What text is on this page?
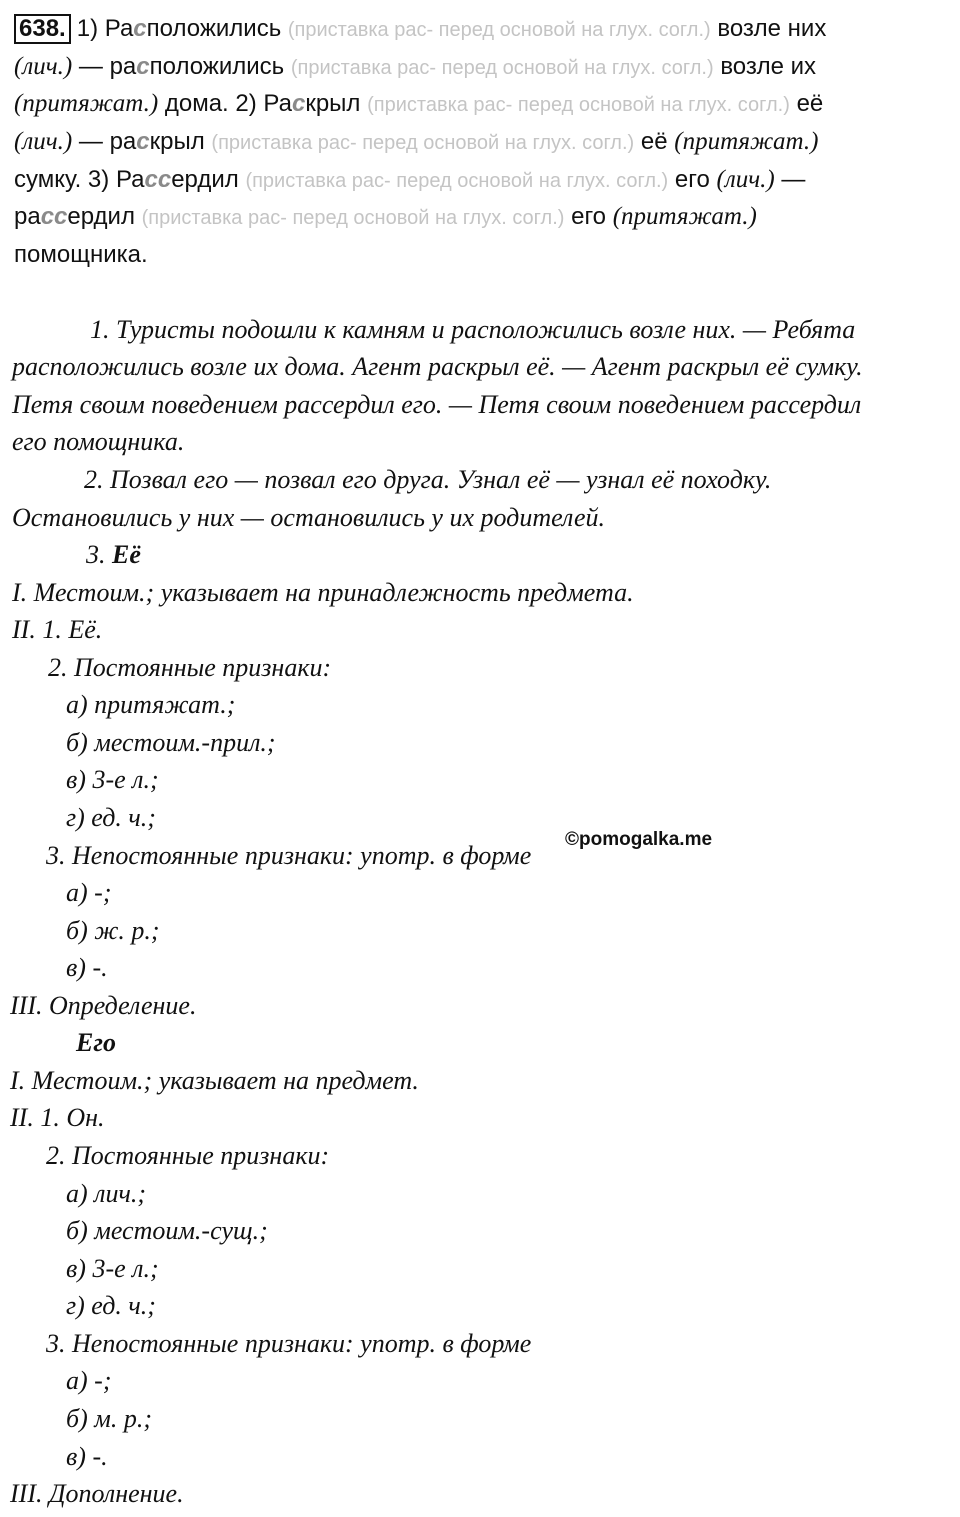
638. 1) Расположились (приставка рас- перед основой на глух. согл.) возле них
(лич.) — расположились (приставка рас- перед основой на глух. согл.) возле их
(притяжат.) дома. 2) Раскрыл (приставка рас- перед основой на глух. согл.) её
(лич.) — раскрыл (приставка рас- перед основой на глух. согл.) её (притяжат.)
сумку. 3) Рассердил (приставка рас- перед основой на глух. согл.) его (лич.) —
рассердил (приставка рас- перед основой на глух. согл.) его (притяжат.)
помощника.
1. Туристы подошли к камням и расположились возле них. — Ребята
расположились возле их дома. Агент раскрыл её. — Агент раскрыл её сумку.
Петя своим поведением рассердил его. — Петя своим поведением рассердил
его помощника.
2. Позвал его — позвал его друга. Узнал её — узнал её походку.
Остановились у них — остановились у их родителей.
3. Её
I. Местоим.; указывает на принадлежность предмета.
II. 1. Её.
2. Постоянные признаки:
а) притяжат.;
б) местоим.-прил.;
в) 3-е л.;
г) ед. ч.;
3. Непостоянные признаки: употр. в форме
а) -;
б) ж. р.;
в) -.
III. Определение.
Его
I. Местоим.; указывает на предмет.
II. 1. Он.
2. Постоянные признаки:
а) лич.;
б) местоим.-сущ.;
в) 3-е л.;
г) ед. ч.;
3. Непостоянные признаки: употр. в форме
а) -;
б) м. р.;
в) -.
III. Дополнение.
©pomogalka.me
